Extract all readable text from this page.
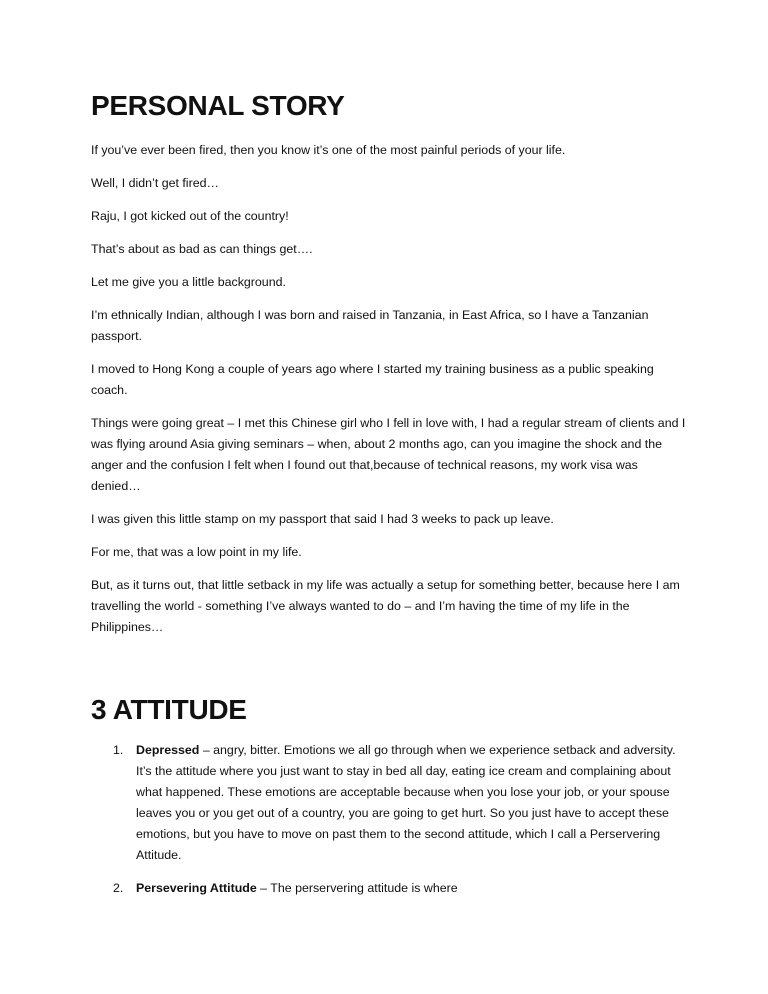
PERSONAL STORY

If you’ve ever been fired, then you know it’s one of the most painful periods of your life.

Well, I didn’t get fired…

Raju, I got kicked out of the country!

That’s about as bad as can things get….

Let me give you a little background.

I’m ethnically Indian, although I was born and raised in Tanzania, in East Africa, so I have a Tanzanian passport.

I moved to Hong Kong a couple of years ago where I started my training business as a public speaking coach.

Things were going great – I met this Chinese girl who I fell in love with, I had a regular stream of clients and I was flying around Asia giving seminars – when, about 2 months ago, can you imagine the shock and the anger and the confusion I felt when I found out that,because of technical reasons, my work visa was denied…

I was given this little stamp on my passport that said I had 3 weeks to pack up leave.

For me, that was a low point in my life.

But, as it turns out, that little setback in my life was actually a setup for something better, because here I am travelling the world - something I’ve always wanted to do – and I’m having the time of my life in the Philippines…

3 ATTITUDE
1. Depressed – angry, bitter. Emotions we all go through when we experience setback and adversity. It’s the attitude where you just want to stay in bed all day, eating ice cream and complaining about what happened. These emotions are acceptable because when you lose your job, or your spouse leaves you or you get out of a country, you are going to get hurt. So you just have to accept these emotions, but you have to move on past them to the second attitude, which I call a Perservering Attitude.
2. Persevering Attitude – The perservering attitude is where
